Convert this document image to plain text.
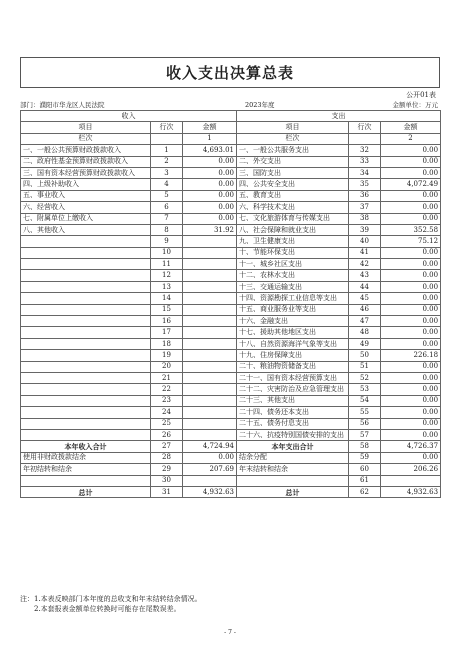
收入支出决算总表
公开01表
部门：濮阳市华龙区人民法院	2023年度	金额单位：万元
收入			支出		
项目	行次	金额	项目	行次	金额
栏次		1	栏次		2
一、一般公共预算财政拨款收入	1	4,693.01	一、一般公共服务支出	32	0.00
二、政府性基金预算财政拨款收入	2	0.00	二、外交支出	33	0.00
三、国有资本经营预算财政拨款收入	3	0.00	三、国防支出	34	0.00
四、上级补助收入	4	0.00	四、公共安全支出	35	4,072.49
五、事业收入	5	0.00	五、教育支出	36	0.00
六、经营收入	6	0.00	六、科学技术支出	37	0.00
七、附属单位上缴收入	7	0.00	七、文化旅游体育与传媒支出	38	0.00
八、其他收入	8	31.92	八、社会保障和就业支出	39	352.58
	9		九、卫生健康支出	40	75.12
	10		十、节能环保支出	41	0.00
	11		十一、城乡社区支出	42	0.00
	12		十二、农林水支出	43	0.00
	13		十三、交通运输支出	44	0.00
	14		十四、资源勘探工业信息等支出	45	0.00
	15		十五、商业服务业等支出	46	0.00
	16		十六、金融支出	47	0.00
	17		十七、援助其他地区支出	48	0.00
	18		十八、自然资源海洋气象等支出	49	0.00
	19		十九、住房保障支出	50	226.18
	20		二十、粮油物资储备支出	51	0.00
	21		二十一、国有资本经营预算支出	52	0.00
	22		二十二、灾害防治及应急管理支出	53	0.00
	23		二十三、其他支出	54	0.00
	24		二十四、债务还本支出	55	0.00
	25		二十五、债务付息支出	56	0.00
	26		二十六、抗疫特别国债安排的支出	57	0.00
本年收入合计	27	4,724.94	本年支出合计	58	4,726.37
使用非财政拨款结余	28	0.00	结余分配	59	0.00
年初结转和结余	29	207.69	年末结转和结余	60	206.26
	30			61	
总计	31	4,932.63	总计	62	4,932.63
注：1.本表反映部门本年度的总收支和年末结转结余情况。
2.本套报表金额单位转换时可能存在尾数误差。
- 7 -
